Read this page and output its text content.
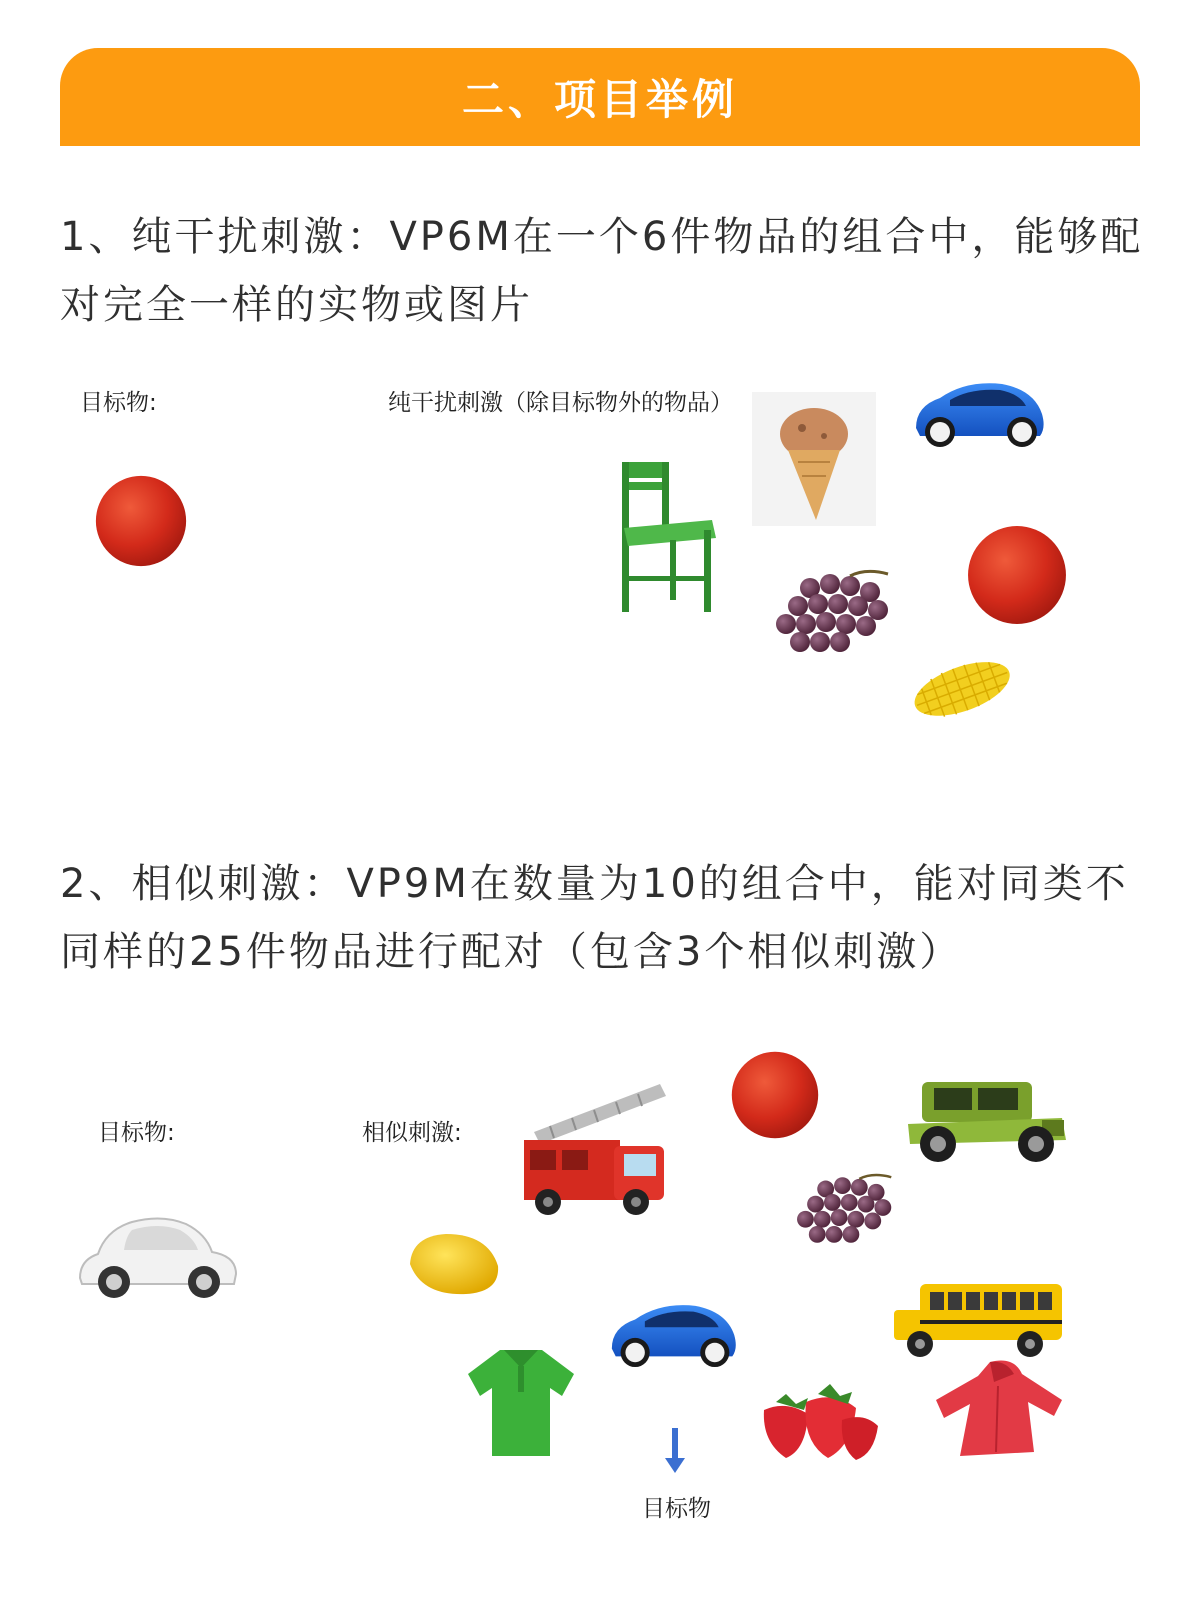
二、项目举例

1、纯干扰刺激：VP6M在一个6件物品的组合中，能够配对完全一样的实物或图片

目标物:	纯干扰刺激（除目标物外的物品）

2、相似刺激：VP9M在数量为10的组合中，能对同类不同样的25件物品进行配对（包含3个相似刺激）

目标物:	相似刺激:
目标物
